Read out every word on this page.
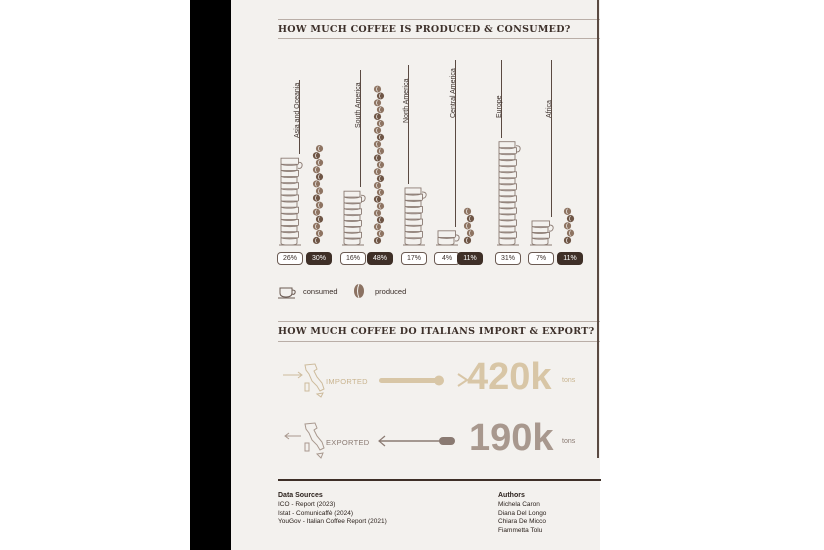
HOW MUCH COFFEE IS PRODUCED & CONSUMED?
Asia and Oceania
26%	30%
South America
16%	48%
North America
17%
Central America
4%	11%
Europe
31%
Africa
7%	11%
consumed	produced
HOW MUCH COFFEE DO ITALIANS IMPORT & EXPORT?
IMPORTED	420k tons
EXPORTED	190k tons
Data Sources
ICO - Report (2023)
Istat - Comunicaffè (2024)
YouGov - Italian Coffee Report (2021)
Authors
Michela Caron
Diana Del Longo
Chiara De Micco
Fiammetta Tolu
